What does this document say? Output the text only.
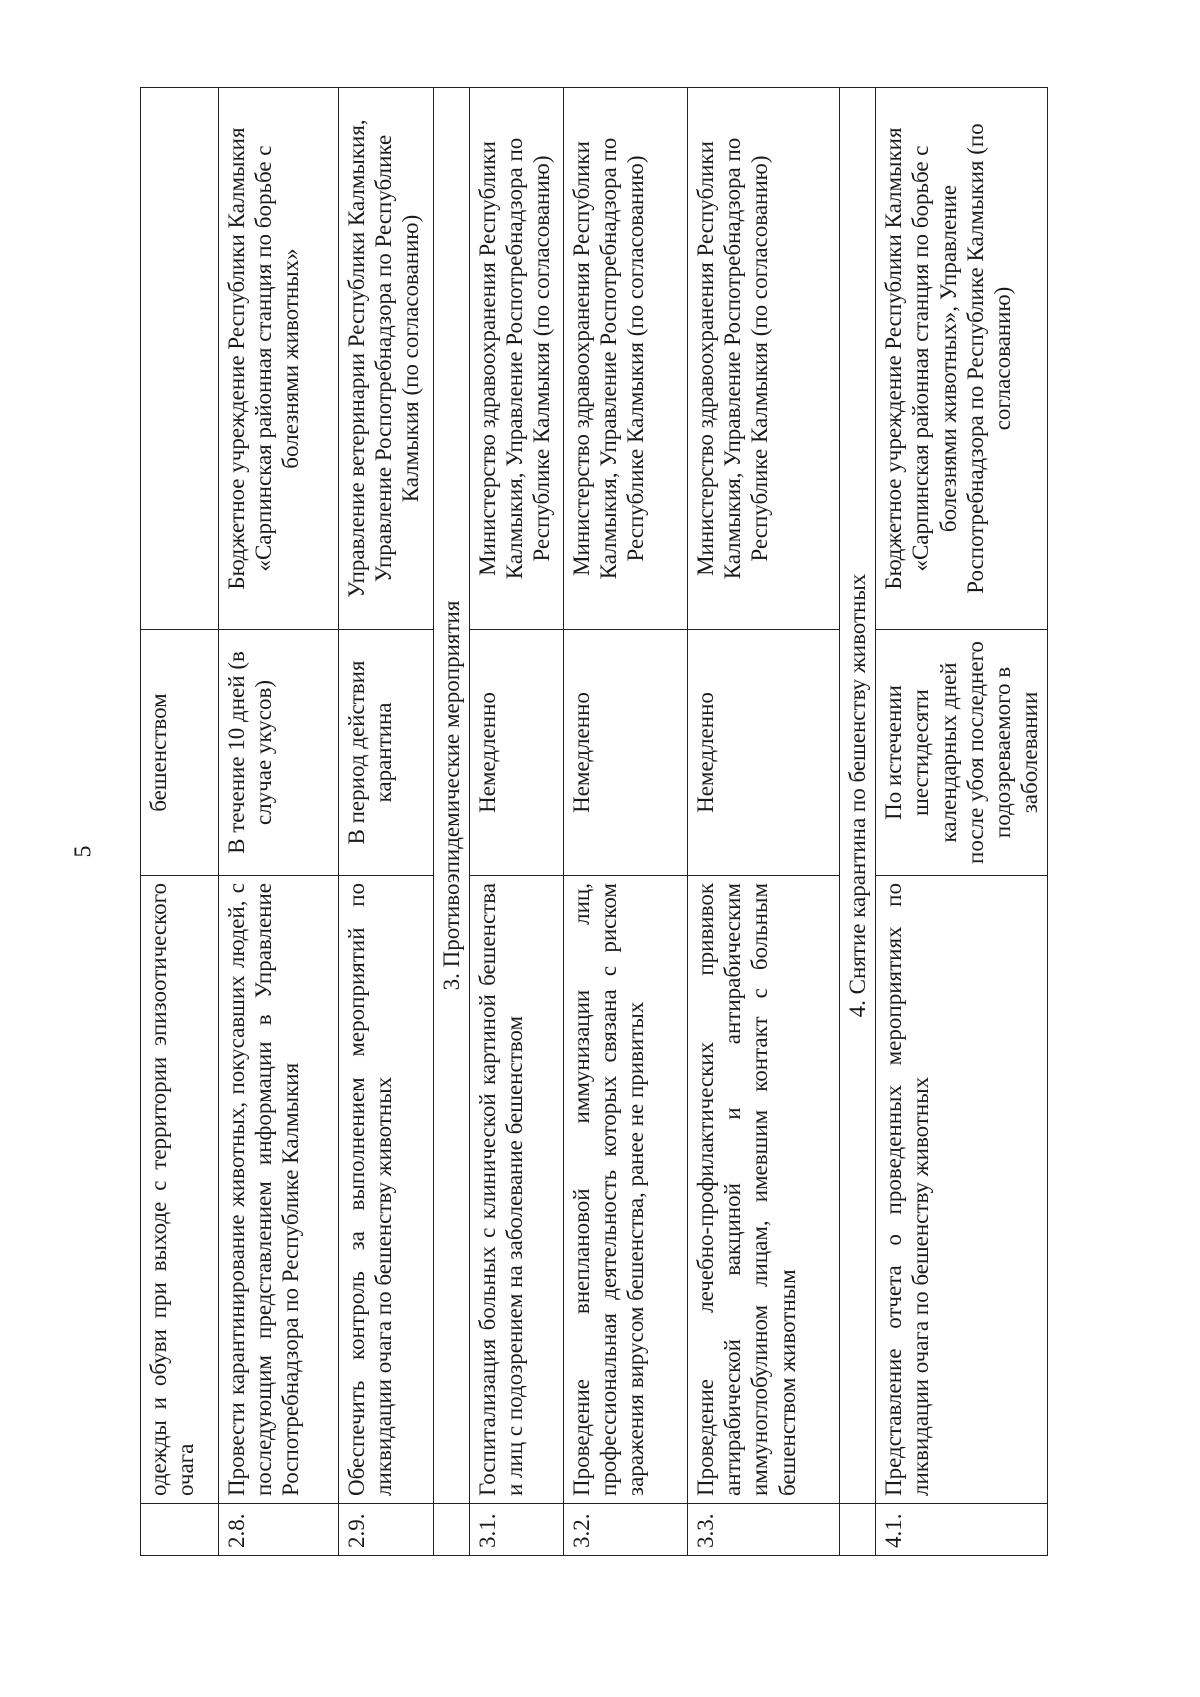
5
	одежды и обуви при выходе с территории эпизоотического очага	бешенством	
2.8.	Провести карантинирование животных, покусавших людей, с последующим представлением информации в Управление Роспотребнадзора по Республике Калмыкия	В течение 10 дней (в случае укусов)	Бюджетное учреждение Республики Калмыкия «Сарпинская районная станция по борьбе с болезнями животных»
2.9.	Обеспечить контроль за выполнением мероприятий по ликвидации очага по бешенству животных	В период действия карантина	Управление ветеринарии Республики Калмыкия, Управление Роспотребнадзора по Республике Калмыкия (по согласованию)
	3. Противоэпидемические мероприятия		
3.1.	Госпитализация больных с клинической картиной бешенства и лиц с подозрением на заболевание бешенством	Немедленно	Министерство здравоохранения Республики Калмыкия, Управление Роспотребнадзора по Республике Калмыкия (по согласованию)
3.2.	Проведение внеплановой иммунизации лиц, профессиональная деятельность которых связана с риском заражения вирусом бешенства, ранее не привитых	Немедленно	Министерство здравоохранения Республики Калмыкия, Управление Роспотребнадзора по Республике Калмыкия (по согласованию)
3.3.	Проведение лечебно-профилактических прививок антирабической вакциной и антирабическим иммуноглобулином лицам, имевшим контакт с больным бешенством животным	Немедленно	Министерство здравоохранения Республики Калмыкия, Управление Роспотребнадзора по Республике Калмыкия (по согласованию)
	4. Снятие карантина по бешенству животных		
4.1.	Представление отчета о проведенных мероприятиях по ликвидации очага по бешенству животных	По истечении шестидесяти календарных дней после убоя последнего подозреваемого в заболевании	Бюджетное учреждение Республики Калмыкия «Сарпинская районная станция по борьбе с болезнями животных», Управление Роспотребнадзора по Республике Калмыкия (по согласованию)
